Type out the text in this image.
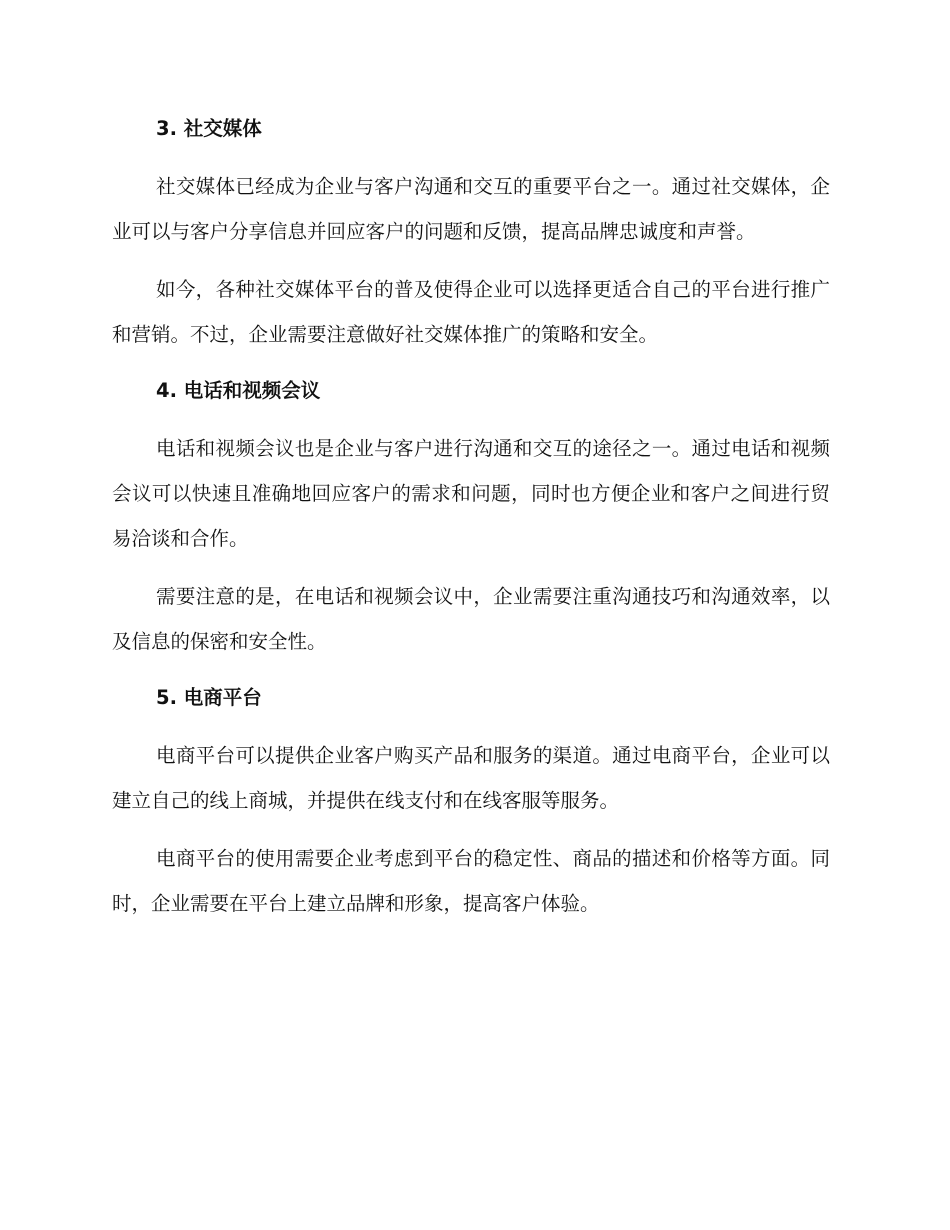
3. 社交媒体

社交媒体已经成为企业与客户沟通和交互的重要平台之一。通过社交媒体，企业可以与客户分享信息并回应客户的问题和反馈，提高品牌忠诚度和声誉。

如今，各种社交媒体平台的普及使得企业可以选择更适合自己的平台进行推广和营销。不过，企业需要注意做好社交媒体推广的策略和安全。

4. 电话和视频会议

电话和视频会议也是企业与客户进行沟通和交互的途径之一。通过电话和视频会议可以快速且准确地回应客户的需求和问题，同时也方便企业和客户之间进行贸易洽谈和合作。

需要注意的是，在电话和视频会议中，企业需要注重沟通技巧和沟通效率，以及信息的保密和安全性。

5. 电商平台

电商平台可以提供企业客户购买产品和服务的渠道。通过电商平台，企业可以建立自己的线上商城，并提供在线支付和在线客服等服务。

电商平台的使用需要企业考虑到平台的稳定性、商品的描述和价格等方面。同时，企业需要在平台上建立品牌和形象，提高客户体验。
